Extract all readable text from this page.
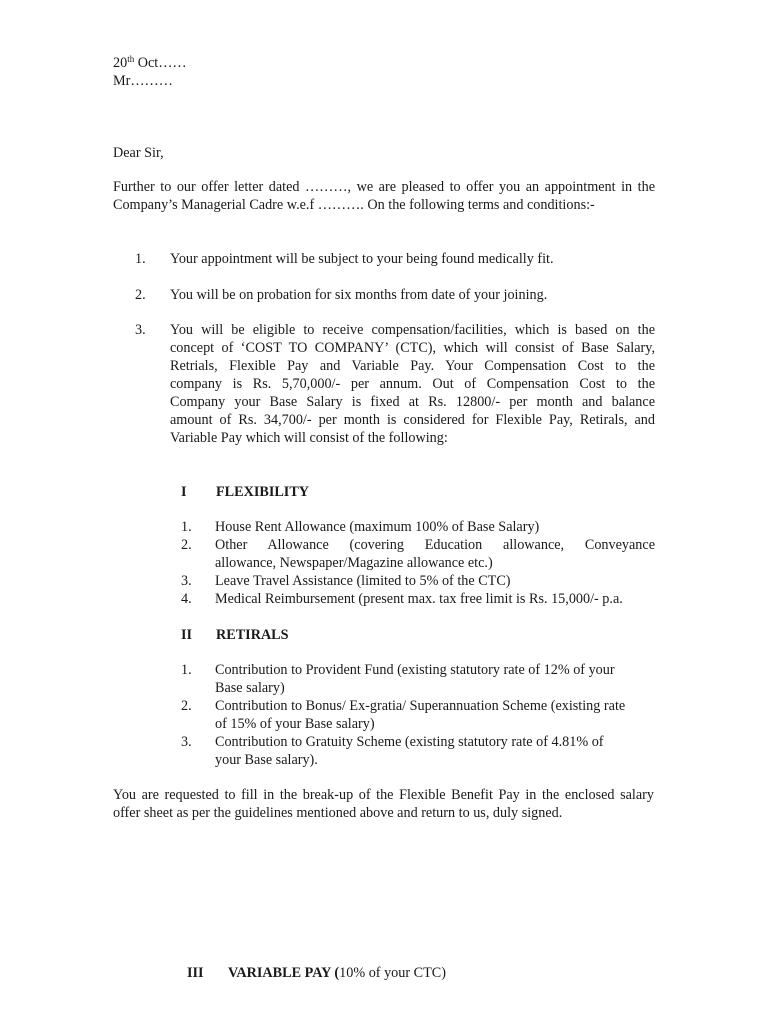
20th Oct……
Mr………
Dear Sir,
Further to our offer letter dated ………, we are pleased to offer you an appointment in the
Company’s Managerial Cadre w.e.f ………. On the following terms and conditions:-
1. Your appointment will be subject to your being found medically fit.
2. You will be on probation for six months from date of your joining.
3. You will be eligible to receive compensation/facilities, which is based on the
concept of ‘COST TO COMPANY’ (CTC), which will consist of Base Salary,
Retrials, Flexible Pay and Variable Pay. Your Compensation Cost to the
company is Rs. 5,70,000/- per annum. Out of Compensation Cost to the
Company your Base Salary is fixed at Rs. 12800/- per month and balance
amount of Rs. 34,700/- per month is considered for Flexible Pay, Retirals, and
Variable Pay which will consist of the following:
I FLEXIBILITY
1. House Rent Allowance (maximum 100% of Base Salary)
2. Other Allowance (covering Education allowance, Conveyance
allowance, Newspaper/Magazine allowance etc.)
3. Leave Travel Assistance (limited to 5% of the CTC)
4. Medical Reimbursement (present max. tax free limit is Rs. 15,000/- p.a.
II RETIRALS
1. Contribution to Provident Fund (existing statutory rate of 12% of your
Base salary)
2. Contribution to Bonus/ Ex-gratia/ Superannuation Scheme (existing rate
of 15% of your Base salary)
3. Contribution to Gratuity Scheme (existing statutory rate of 4.81% of
your Base salary).
You are requested to fill in the break-up of the Flexible Benefit Pay in the enclosed salary
offer sheet as per the guidelines mentioned above and return to us, duly signed.
III VARIABLE PAY (10% of your CTC)
